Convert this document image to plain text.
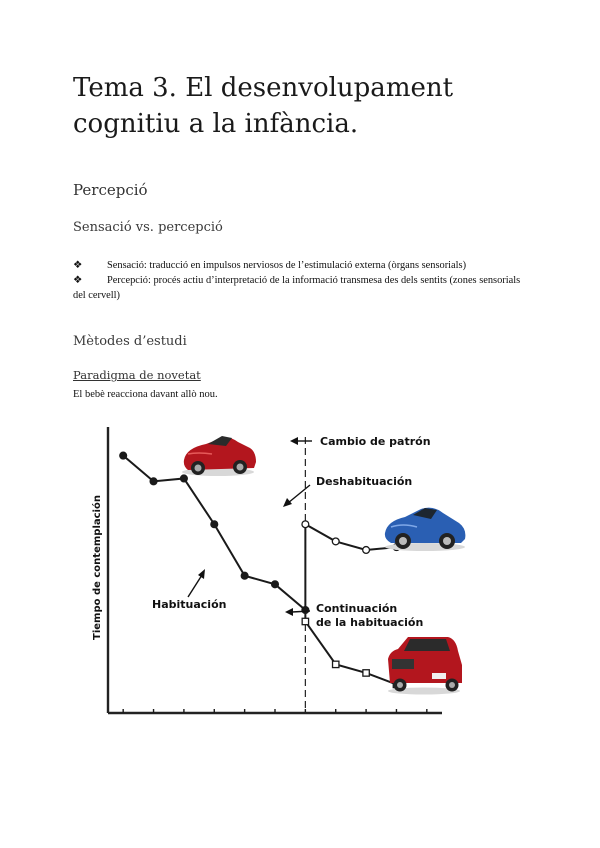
Tema 3. El desenvolupament cognitiu a la infància.
Percepció
Sensació vs. percepció
❖ Sensació: traducció en impulsos nerviosos de l’estimulació externa (òrgans sensorials)
❖ Percepció: procés actiu d’interpretació de la informació transmesa des dels sentits (zones sensorials del cervell)
Mètodes d’estudi
Paradigma de novetat
El bebè reacciona davant allò nou.
Tiempo de contemplación
Cambio de patrón
Deshabituación
Habituación	Continuación
de la habituación
